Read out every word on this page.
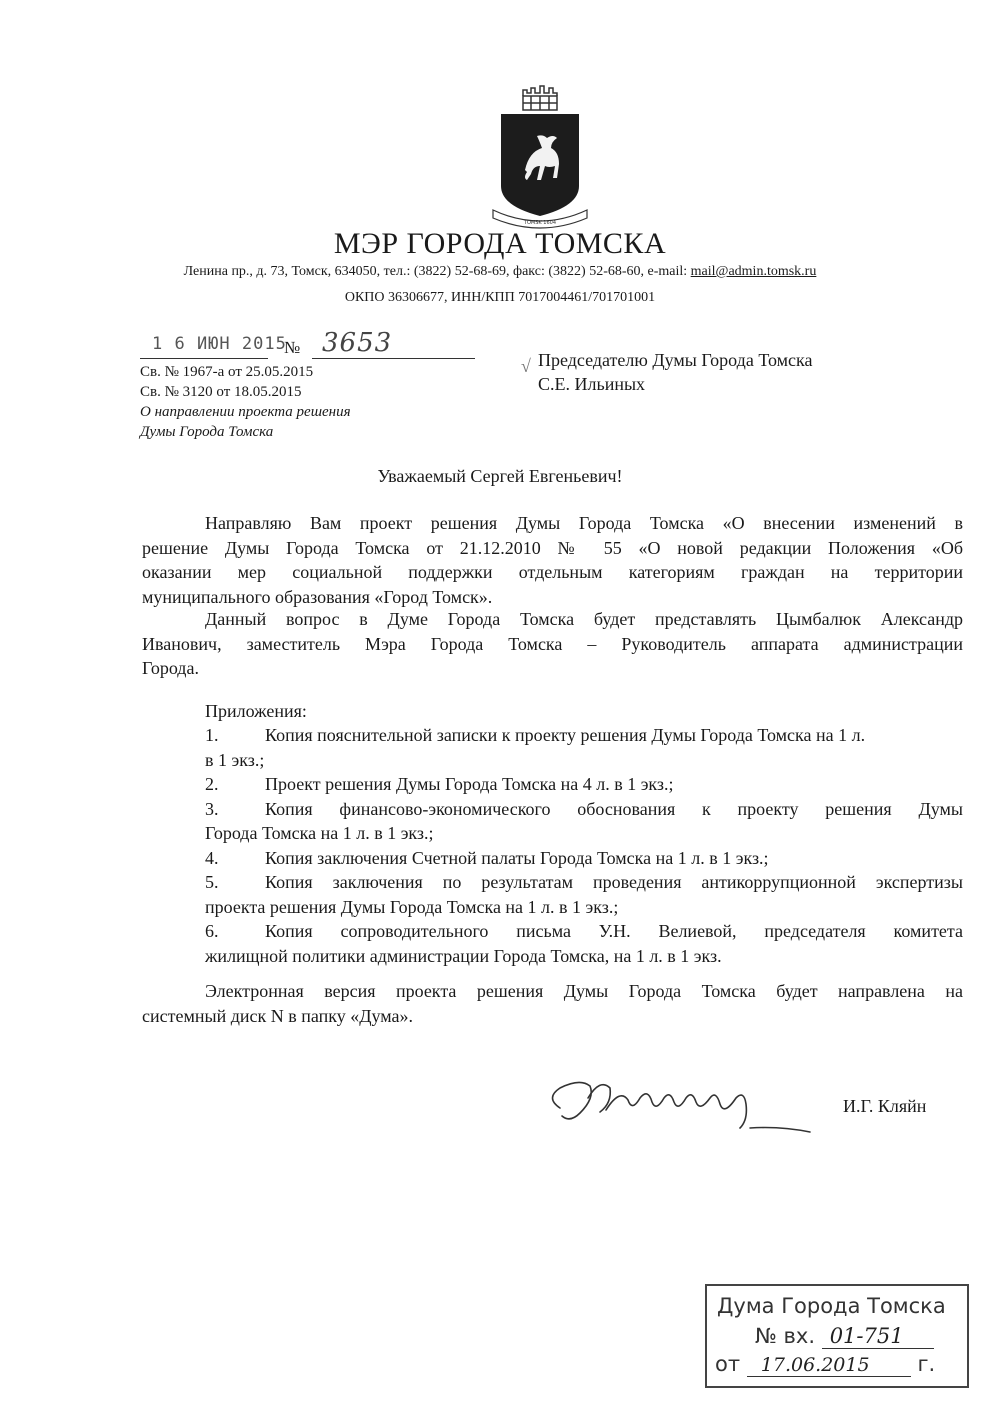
TOMSK 1604
МЭР ГОРОДА ТОМСКА
Ленина пр., д. 73, Томск, 634050, тел.: (3822) 52-68-69, факс: (3822) 52-68-60, e-mail: mail@admin.tomsk.ru
ОКПО 36306677, ИНН/КПП 7017004461/701701001
1 6 ИЮН 2015
№ 3653
Св. № 1967-а от 25.05.2015
Св. № 3120 от 18.05.2015
О направлении проекта решения
Думы Города Томска
√ Председателю Думы Города Томска
С.Е. Ильиных
Уважаемый Сергей Евгеньевич!
Направляю Вам проект решения Думы Города Томска «О внесении изменений в
решение Думы Города Томска от 21.12.2010 № 55 «О новой редакции Положения «Об
оказании мер социальной поддержки отдельным категориям граждан на территории
муниципального образования «Город Томск».
Данный вопрос в Думе Города Томска будет представлять Цымбалюк Александр
Иванович, заместитель Мэра Города Томска – Руководитель аппарата администрации
Города.
Приложения:
1.	Копия пояснительной записки к проекту решения Думы Города Томска на 1 л.
в 1 экз.;
2.	Проект решения Думы Города Томска на 4 л. в 1 экз.;
3.	Копия финансово-экономического обоснования к проекту решения Думы
Города Томска на 1 л. в 1 экз.;
4.	Копия заключения Счетной палаты Города Томска на 1 л. в 1 экз.;
5.	Копия заключения по результатам проведения антикоррупционной экспертизы
проекта решения Думы Города Томска на 1 л. в 1 экз.;
6.	Копия сопроводительного письма У.Н. Велиевой, председателя комитета
жилищной политики администрации Города Томска, на 1 л. в 1 экз.
Электронная версия проекта решения Думы Города Томска будет направлена на
системный диск N в папку «Дума».
И.Г. Кляйн
Дума Города Томска
№ вх. 01-751
от 17.06.2015 г.
